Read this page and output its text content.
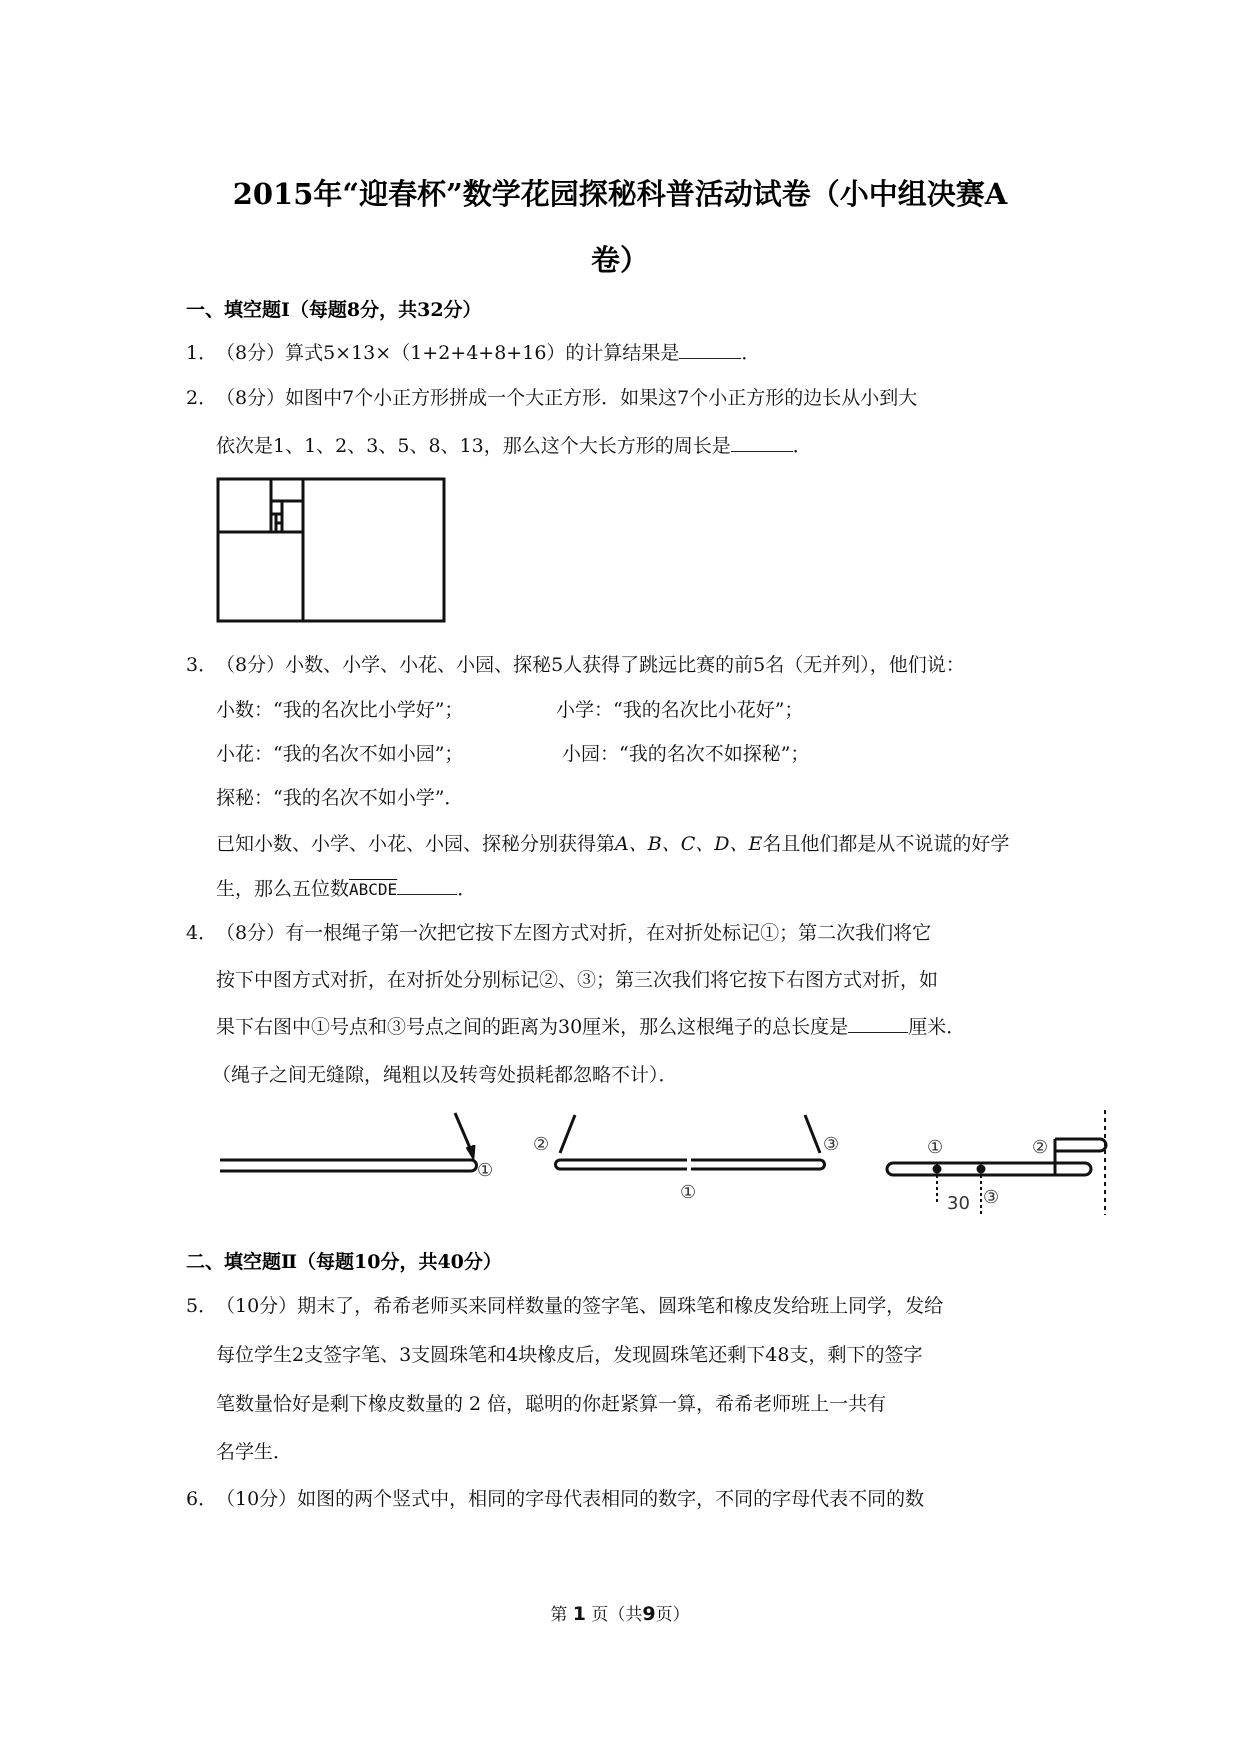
2015年“迎春杯”数学花园探秘科普活动试卷（小中组决赛A
卷）
一、填空题Ⅰ（每题8分，共32分）
1．（8分）算式5×13×（1+2+4+8+16）的计算结果是	．
2．（8分）如图中7个小正方形拼成一个大正方形．如果这7个小正方形的边长从小到大
依次是1、1、2、3、5、8、13，那么这个大长方形的周长是	．
3．（8分）小数、小学、小花、小园、探秘5人获得了跳远比赛的前5名（无并列），他们说：
小数：“我的名次比小学好”；	小学：“我的名次比小花好”；
小花：“我的名次不如小园”；	小园：“我的名次不如探秘”；
探秘：“我的名次不如小学”．
已知小数、小学、小花、小园、探秘分别获得第A、B、C、D、E名且他们都是从不说谎的好学
生，那么五位数ABCDE	．
4．（8分）有一根绳子第一次把它按下左图方式对折，在对折处标记①；第二次我们将它
按下中图方式对折，在对折处分别标记②、③；第三次我们将它按下右图方式对折，如
果下右图中①号点和③号点之间的距离为30厘米，那么这根绳子的总长度是	厘米．
（绳子之间无缝隙，绳粗以及转弯处损耗都忽略不计）．
①
②	③
①
①	②
③
30
二、填空题Ⅱ（每题10分，共40分）
5．（10分）期末了，希希老师买来同样数量的签字笔、圆珠笔和橡皮发给班上同学，发给
每位学生2支签字笔、3支圆珠笔和4块橡皮后，发现圆珠笔还剩下48支，剩下的签字
笔数量恰好是剩下橡皮数量的 2 倍，聪明的你赶紧算一算，希希老师班上一共有
名学生．
6．（10分）如图的两个竖式中，相同的字母代表相同的数字，不同的字母代表不同的数
第 1 页（共9页）
